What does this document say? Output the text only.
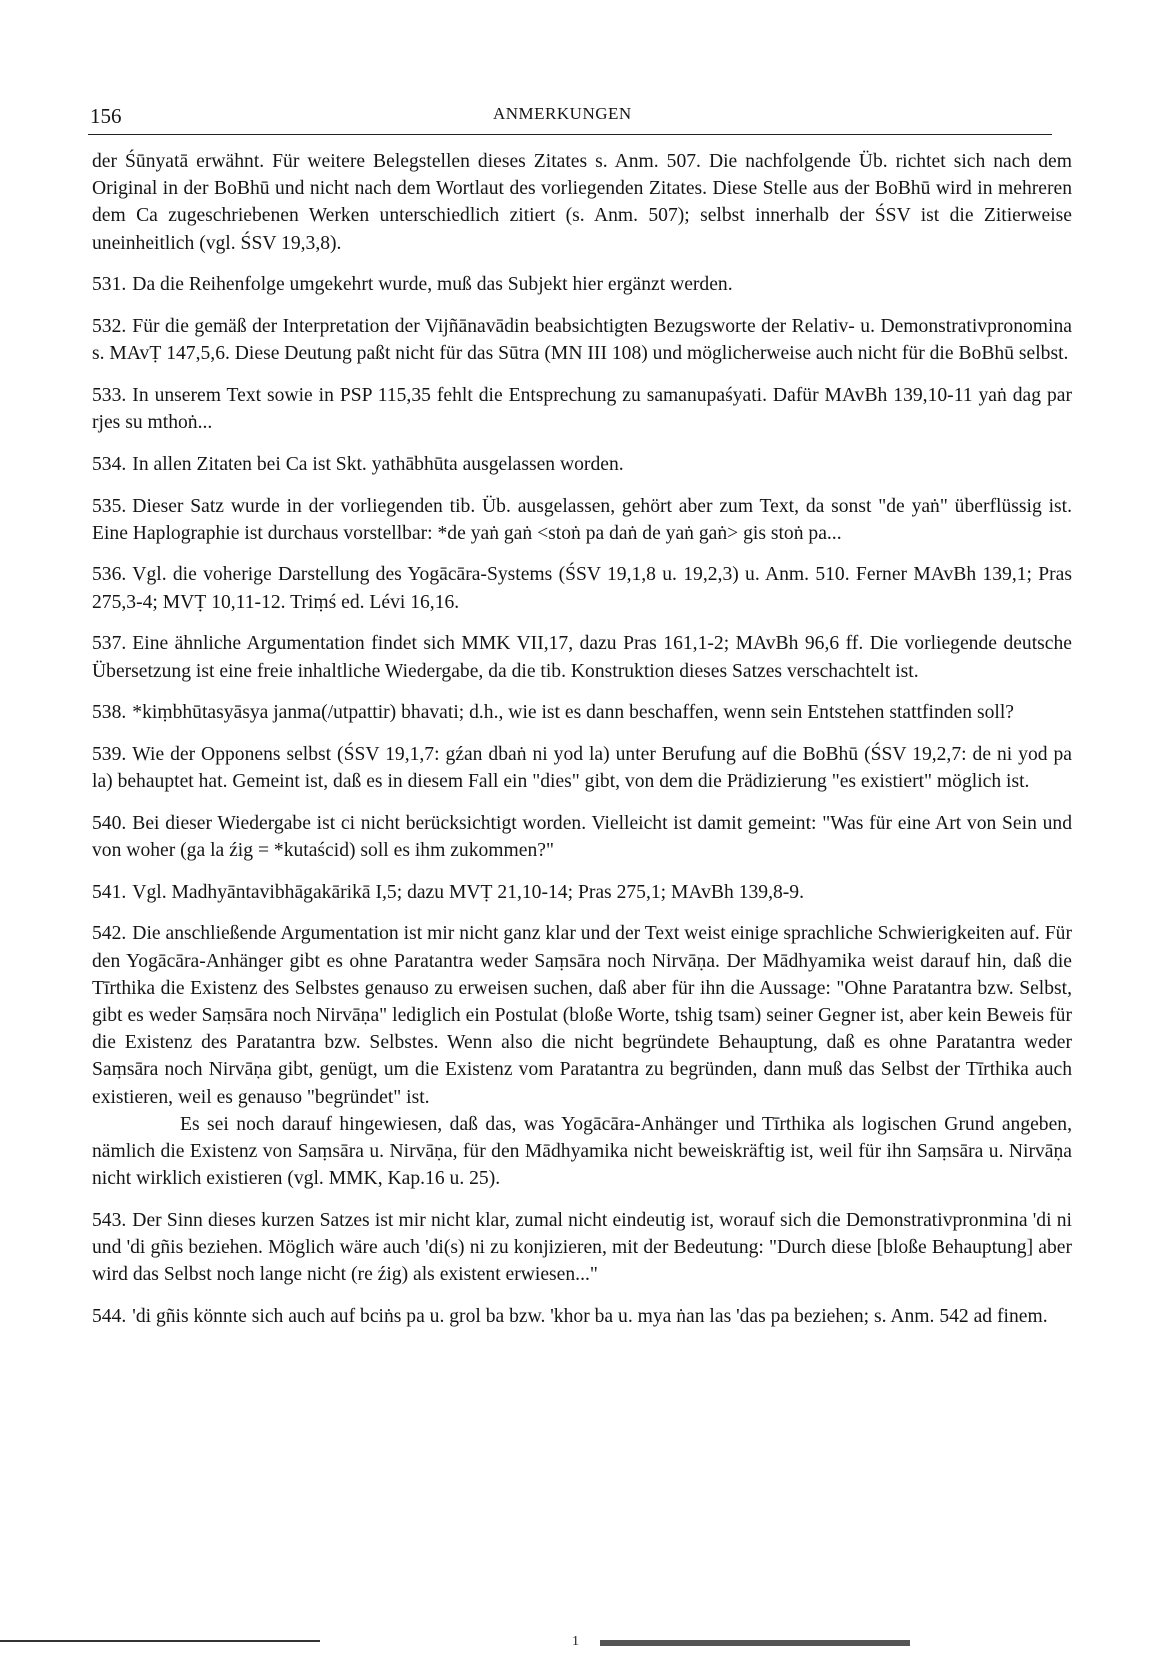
156	ANMERKUNGEN

der Śūnyatā erwähnt. Für weitere Belegstellen dieses Zitates s. Anm. 507. Die nachfolgende Üb. richtet sich nach dem Original in der BoBhū und nicht nach dem Wortlaut des vorliegenden Zitates. Diese Stelle aus der BoBhū wird in mehreren dem Ca zugeschriebenen Werken unterschiedlich zitiert (s. Anm. 507); selbst innerhalb der ŚSV ist die Zitierweise uneinheitlich (vgl. ŚSV 19,3,8).

531. Da die Reihenfolge umgekehrt wurde, muß das Subjekt hier ergänzt werden.

532. Für die gemäß der Interpretation der Vijñānavādin beabsichtigten Bezugsworte der Relativ- u. Demonstrativpronomina s. MAvṬ 147,5,6. Diese Deutung paßt nicht für das Sūtra (MN III 108) und möglicherweise auch nicht für die BoBhū selbst.

533. In unserem Text sowie in PSP 115,35 fehlt die Entsprechung zu samanupaśyati. Dafür MAvBh 139,10-11 yaṅ dag par rjes su mthoṅ...

534. In allen Zitaten bei Ca ist Skt. yathābhūta ausgelassen worden.

535. Dieser Satz wurde in der vorliegenden tib. Üb. ausgelassen, gehört aber zum Text, da sonst "de yaṅ" überflüssig ist. Eine Haplographie ist durchaus vorstellbar: *de yaṅ gaṅ <stoṅ pa daṅ de yaṅ gaṅ> gis stoṅ pa...

536. Vgl. die voherige Darstellung des Yogācāra-Systems (ŚSV 19,1,8 u. 19,2,3) u. Anm. 510. Ferner MAvBh 139,1; Pras 275,3-4; MVṬ 10,11-12. Triṃś ed. Lévi 16,16.

537. Eine ähnliche Argumentation findet sich MMK VII,17, dazu Pras 161,1-2; MAvBh 96,6 ff. Die vorliegende deutsche Übersetzung ist eine freie inhaltliche Wiedergabe, da die tib. Konstruktion dieses Satzes verschachtelt ist.

538. *kiṃbhūtasyāsya janma(/utpattir) bhavati; d.h., wie ist es dann beschaffen, wenn sein Entstehen stattfinden soll?

539. Wie der Opponens selbst (ŚSV 19,1,7: gźan dbaṅ ni yod la) unter Berufung auf die BoBhū (ŚSV 19,2,7: de ni yod pa la) behauptet hat. Gemeint ist, daß es in diesem Fall ein "dies" gibt, von dem die Prädizierung "es existiert" möglich ist.

540. Bei dieser Wiedergabe ist ci nicht berücksichtigt worden. Vielleicht ist damit gemeint: "Was für eine Art von Sein und von woher (ga la źig = *kutaścid) soll es ihm zukommen?"

541. Vgl. Madhyāntavibhāgakārikā I,5; dazu MVṬ 21,10-14; Pras 275,1; MAvBh 139,8-9.

542. Die anschließende Argumentation ist mir nicht ganz klar und der Text weist einige sprachliche Schwierigkeiten auf. Für den Yogācāra-Anhänger gibt es ohne Paratantra weder Saṃsāra noch Nirvāṇa. Der Mādhyamika weist darauf hin, daß die Tīrthika die Existenz des Selbstes genauso zu erweisen suchen, daß aber für ihn die Aussage: "Ohne Paratantra bzw. Selbst, gibt es weder Saṃsāra noch Nirvāṇa" lediglich ein Postulat (bloße Worte, tshig tsam) seiner Gegner ist, aber kein Beweis für die Existenz des Paratantra bzw. Selbstes. Wenn also die nicht begründete Behauptung, daß es ohne Paratantra weder Saṃsāra noch Nirvāṇa gibt, genügt, um die Existenz vom Paratantra zu begründen, dann muß das Selbst der Tīrthika auch existieren, weil es genauso "begründet" ist.
Es sei noch darauf hingewiesen, daß das, was Yogācāra-Anhänger und Tīrthika als logischen Grund angeben, nämlich die Existenz von Saṃsāra u. Nirvāṇa, für den Mādhyamika nicht beweiskräftig ist, weil für ihn Saṃsāra u. Nirvāṇa nicht wirklich existieren (vgl. MMK, Kap.16 u. 25).

543. Der Sinn dieses kurzen Satzes ist mir nicht klar, zumal nicht eindeutig ist, worauf sich die Demonstrativpronmina 'di ni und 'di gñis beziehen. Möglich wäre auch 'di(s) ni zu konjizieren, mit der Bedeutung: "Durch diese [bloße Behauptung] aber wird das Selbst noch lange nicht (re źig) als existent erwiesen..."

544. 'di gñis könnte sich auch auf bciṅs pa u. grol ba bzw. 'khor ba u. mya ṅan las 'das pa beziehen; s. Anm. 542 ad finem.

1
